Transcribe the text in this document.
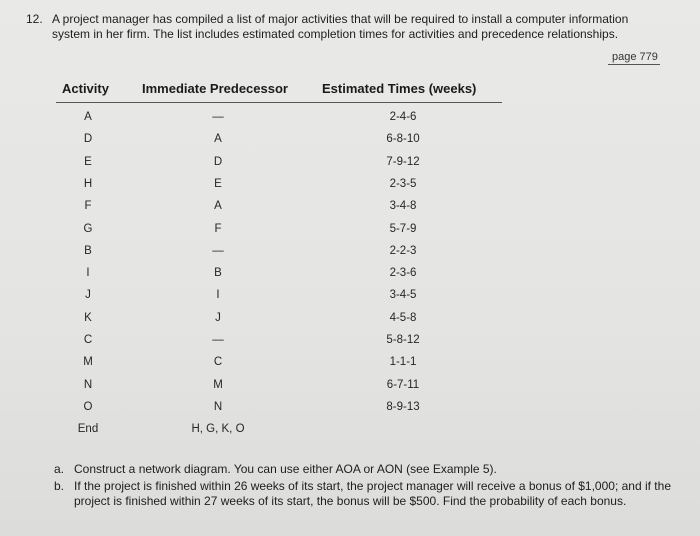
12. A project manager has compiled a list of major activities that will be required to install a computer information system in her firm. The list includes estimated completion times for activities and precedence relationships.
page 779
Activity	Immediate Predecessor	Estimated Times (weeks)
A	—	2-4-6
D	A	6-8-10
E	D	7-9-12
H	E	2-3-5
F	A	3-4-8
G	F	5-7-9
B	—	2-2-3
I	B	2-3-6
J	I	3-4-5
K	J	4-5-8
C	—	5-8-12
M	C	1-1-1
N	M	6-7-11
O	N	8-9-13
End	H, G, K, O
a. Construct a network diagram. You can use either AOA or AON (see Example 5).
b. If the project is finished within 26 weeks of its start, the project manager will receive a bonus of $1,000; and if the project is finished within 27 weeks of its start, the bonus will be $500. Find the probability of each bonus.
